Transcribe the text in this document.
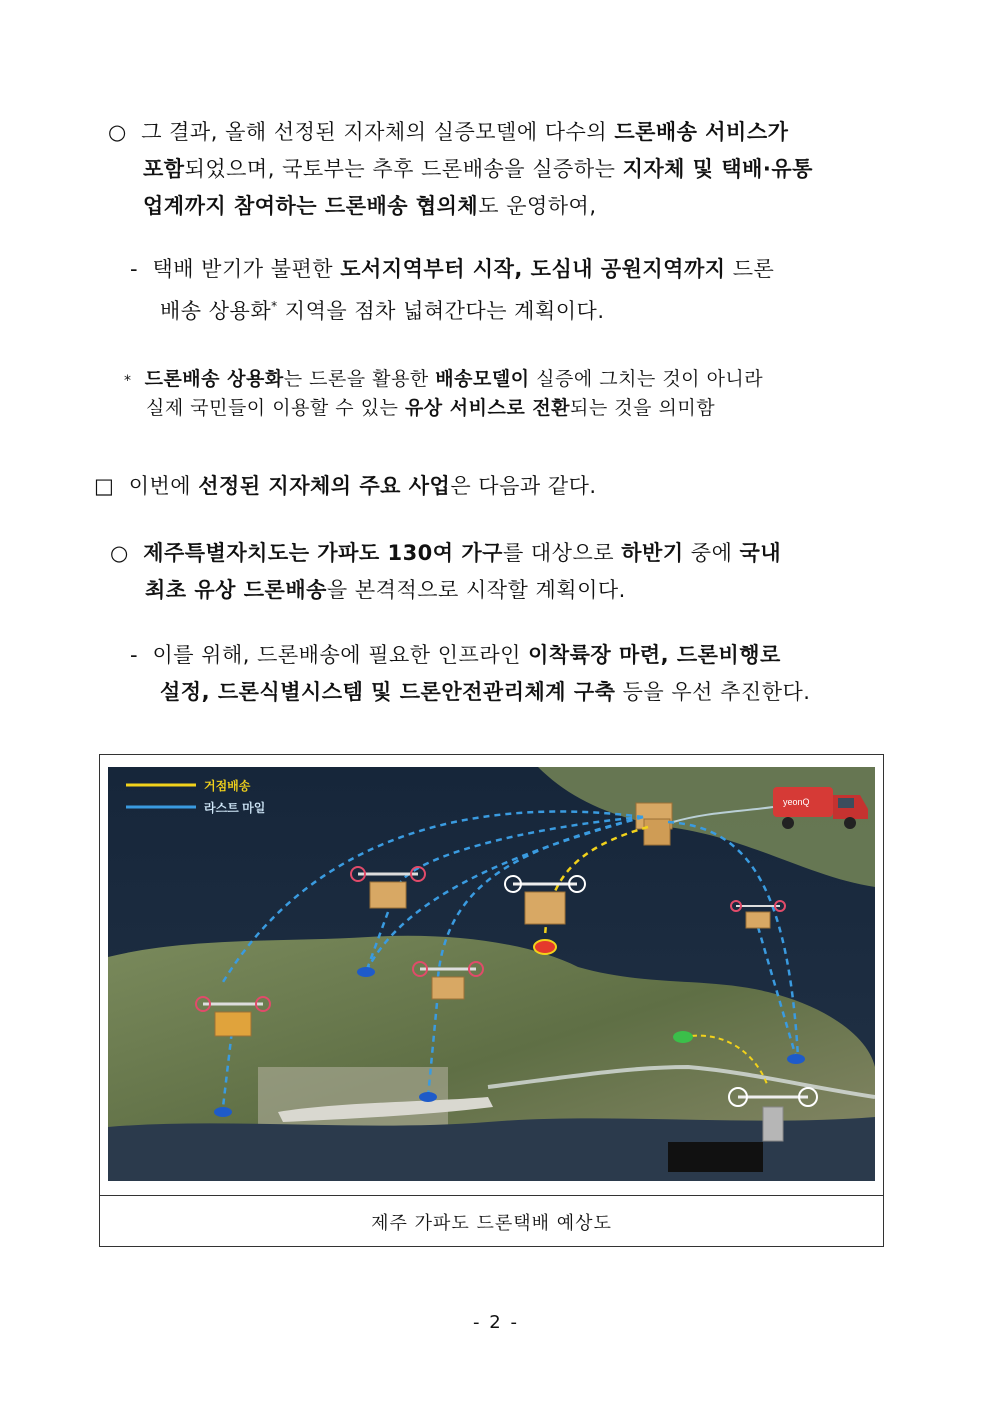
○ 그 결과, 올해 선정된 지자체의 실증모델에 다수의 드론배송 서비스가
포함되었으며, 국토부는 추후 드론배송을 실증하는 지자체 및 택배·유통
업계까지 참여하는 드론배송 협의체도 운영하여,
- 택배 받기가 불편한 도서지역부터 시작, 도심내 공원지역까지 드론
배송 상용화* 지역을 점차 넓혀간다는 계획이다.
* 드론배송 상용화는 드론을 활용한 배송모델이 실증에 그치는 것이 아니라
실제 국민들이 이용할 수 있는 유상 서비스로 전환되는 것을 의미함
□ 이번에 선정된 지자체의 주요 사업은 다음과 같다.
○ 제주특별자치도는 가파도 130여 가구를 대상으로 하반기 중에 국내
최초 유상 드론배송을 본격적으로 시작할 계획이다.
- 이를 위해, 드론배송에 필요한 인프라인 이착륙장 마련, 드론비행로
설정, 드론식별시스템 및 드론안전관리체계 구축 등을 우선 추진한다.
거점배송
라스트 마일	yeonQ
제주 가파도 드론택배 예상도
- 2 -
